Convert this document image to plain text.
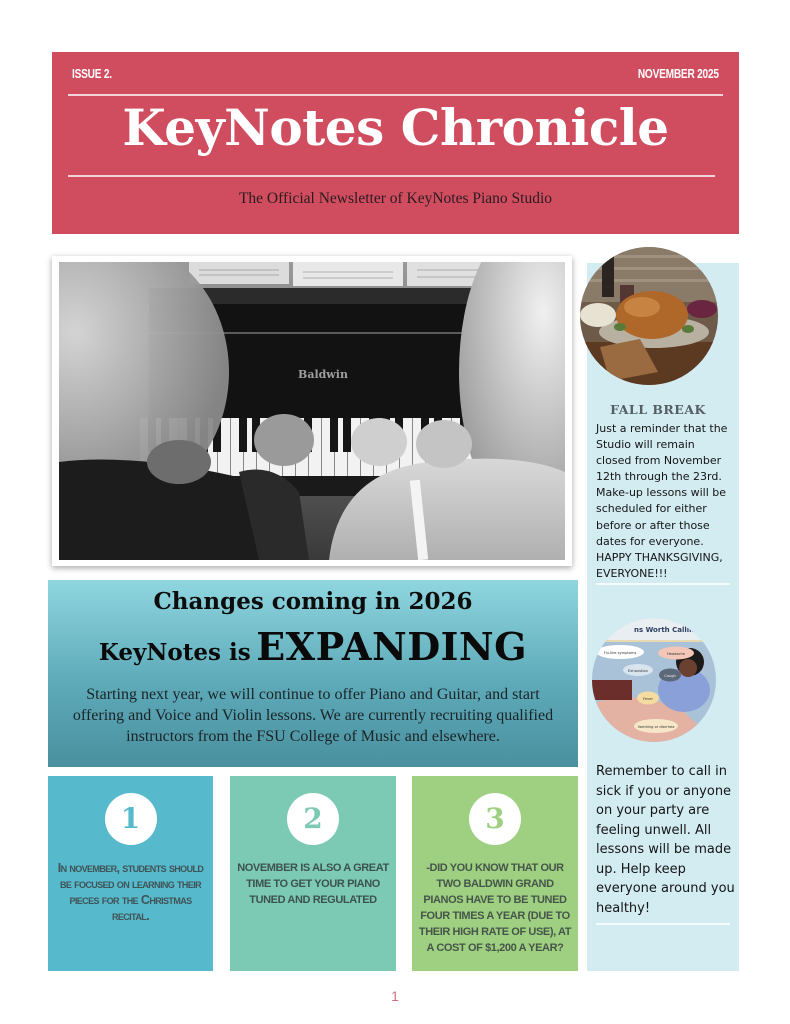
ISSUE 2.	NOVEMBER 2025
KeyNotes Chronicle
The Official Newsletter of KeyNotes Piano Studio
Baldwin
Changes coming in 2026
KeyNotes is EXPANDING
Starting next year, we will continue to offer Piano and Guitar, and start offering and Voice and Violin lessons. We are currently recruiting qualified instructors from the FSU College of Music and elsewhere.
1
In november, students should be focused on learning their pieces for the Christmas recital.
2
NOVEMBER IS ALSO A GREAT TIME TO GET YOUR PIANO TUNED AND REGULATED
3
-DID YOU KNOW THAT OUR TWO BALDWIN GRAND PIANOS HAVE TO BE TUNED FOUR TIMES A YEAR (DUE TO THEIR HIGH RATE OF USE), AT A COST OF $1,200 A YEAR?
FALL BREAK
Just a reminder that the Studio will remain closed from November 12th through the 23rd. Make-up lessons will be scheduled for either before or after those dates for everyone. HAPPY THANKSGIVING, EVERYONE!!!
ns Worth Calling In
Flu-like symptoms	Headache
Exhaustion
Cough
Fever
Vomiting or diarrhea
Remember to call in sick if you or anyone on your party are feeling unwell. All lessons will be made up. Help keep everyone around you healthy!
1
